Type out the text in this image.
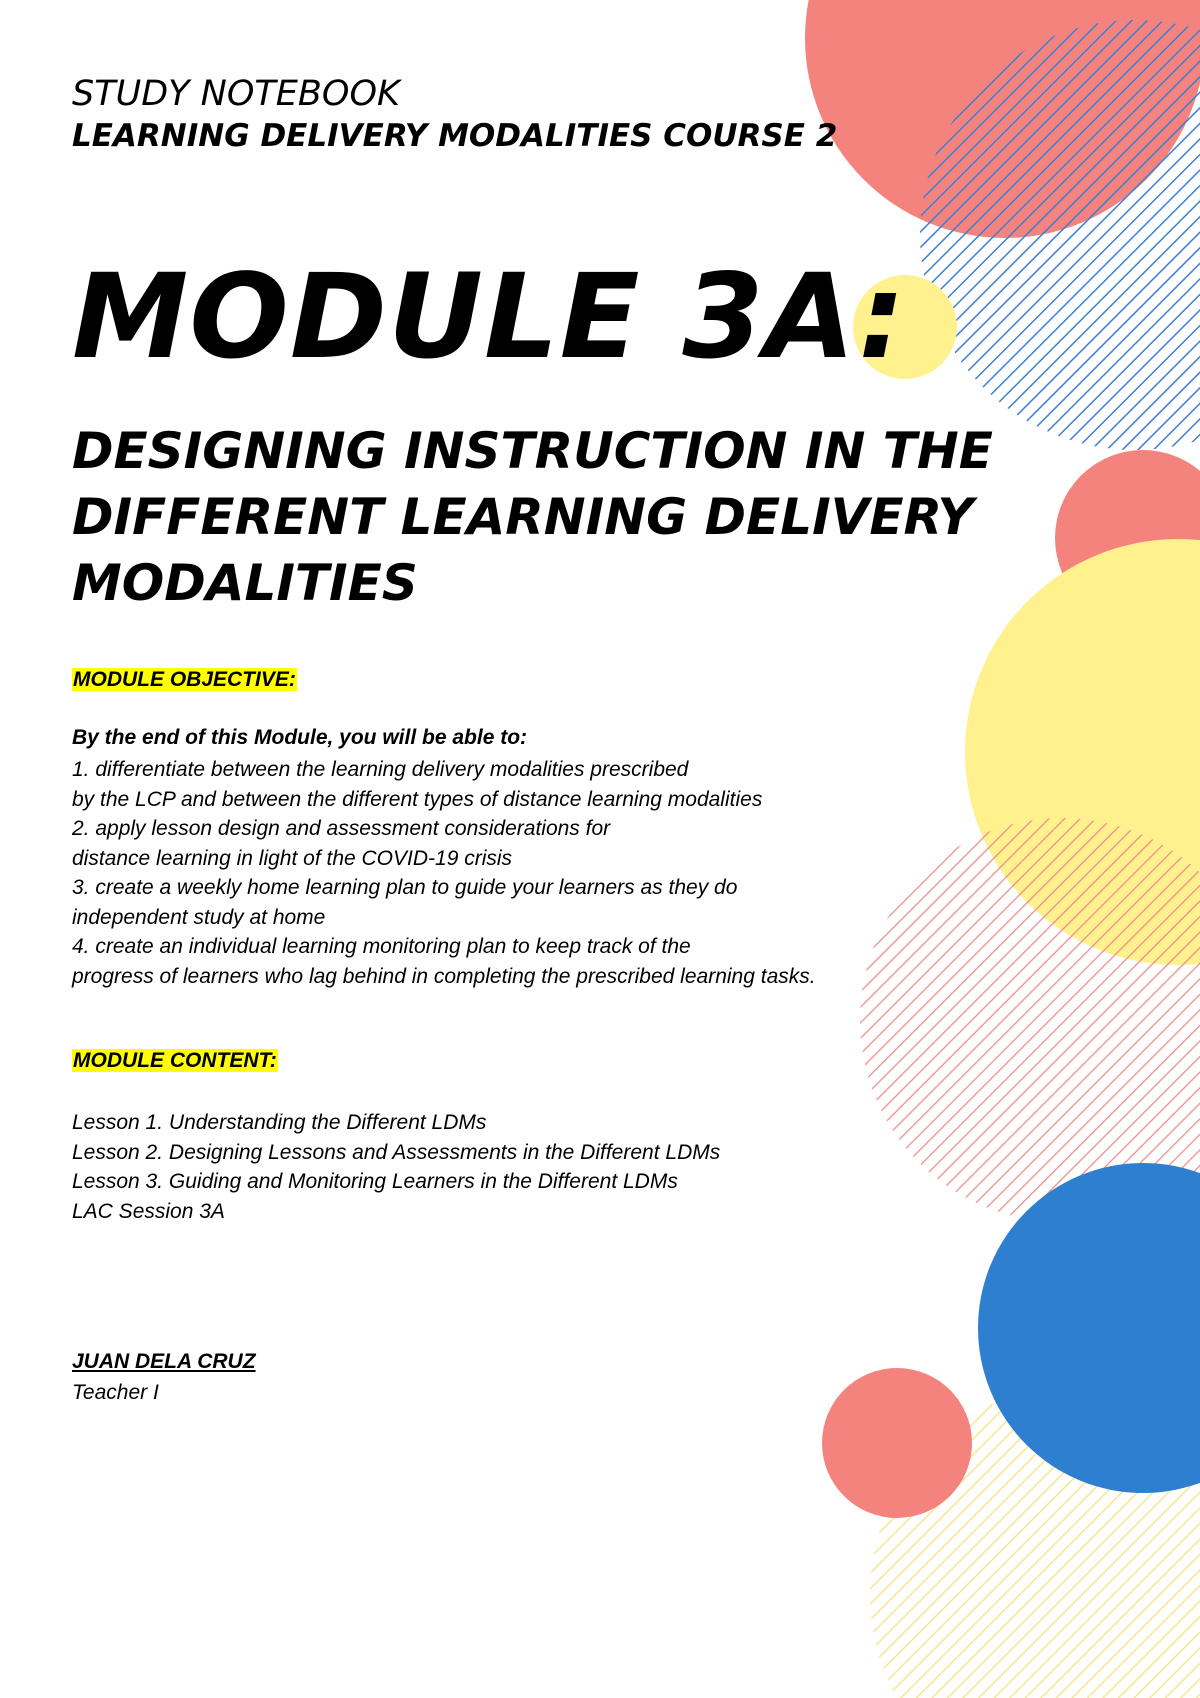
STUDY NOTEBOOK
LEARNING DELIVERY MODALITIES COURSE 2
MODULE 3A:
DESIGNING INSTRUCTION IN THE
DIFFERENT LEARNING DELIVERY
MODALITIES
MODULE OBJECTIVE:
By the end of this Module, you will be able to:
1. differentiate between the learning delivery modalities prescribed
by the LCP and between the different types of distance learning modalities
2. apply lesson design and assessment considerations for
distance learning in light of the COVID-19 crisis
3. create a weekly home learning plan to guide your learners as they do
independent study at home
4. create an individual learning monitoring plan to keep track of the
progress of learners who lag behind in completing the prescribed learning tasks.
MODULE CONTENT:
Lesson 1. Understanding the Different LDMs
Lesson 2. Designing Lessons and Assessments in the Different LDMs
Lesson 3. Guiding and Monitoring Learners in the Different LDMs
LAC Session 3A
JUAN DELA CRUZ
Teacher I
